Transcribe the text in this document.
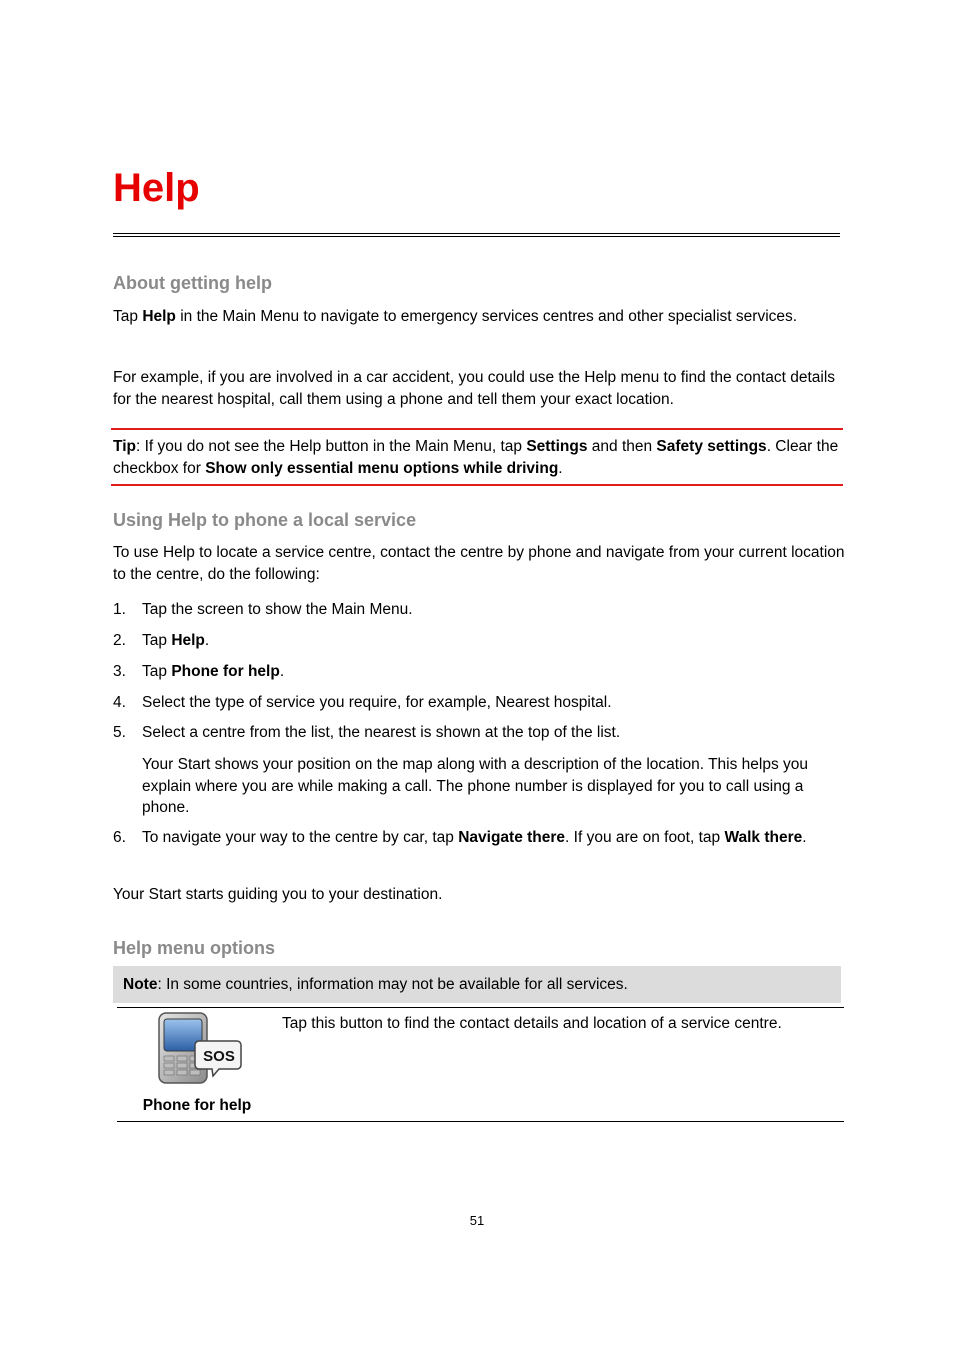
Help
About getting help

Tap Help in the Main Menu to navigate to emergency services centres and other specialist services.

For example, if you are involved in a car accident, you could use the Help menu to find the contact details for the nearest hospital, call them using a phone and tell them your exact location.

Tip: If you do not see the Help button in the Main Menu, tap Settings and then Safety settings. Clear the checkbox for Show only essential menu options while driving.

Using Help to phone a local service

To use Help to locate a service centre, contact the centre by phone and navigate from your current location to the centre, do the following:

1. Tap the screen to show the Main Menu.
2. Tap Help.
3. Tap Phone for help.
4. Select the type of service you require, for example, Nearest hospital.
5. Select a centre from the list, the nearest is shown at the top of the list.

Your Start shows your position on the map along with a description of the location. This helps you explain where you are while making a call. The phone number is displayed for you to call using a phone.

6. To navigate your way to the centre by car, tap Navigate there. If you are on foot, tap Walk there.

Your Start starts guiding you to your destination.

Help menu options

Note: In some countries, information may not be available for all services.

SOS
Phone for help

Tap this button to find the contact details and location of a service centre.

51
